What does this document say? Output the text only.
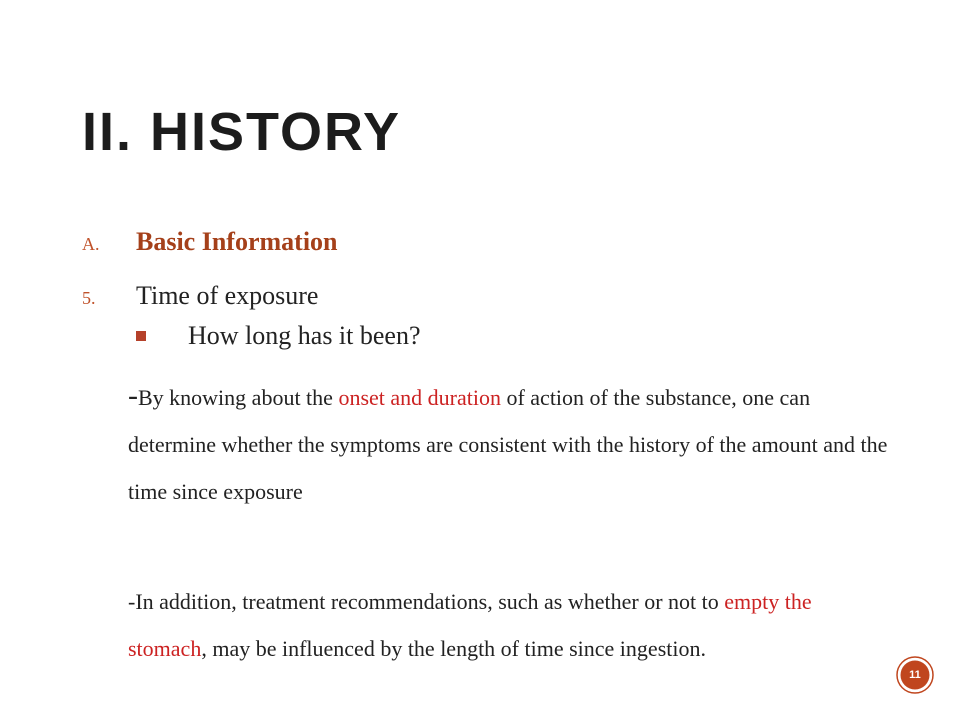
II. HISTORY
A. Basic Information
5. Time of exposure
How long has it been?
-By knowing about the onset and duration of action of the substance, one can determine whether the symptoms are consistent with the history of the amount and the time since exposure
-In addition, treatment recommendations, such as whether or not to empty the stomach, may be influenced by the length of time since ingestion.
11
